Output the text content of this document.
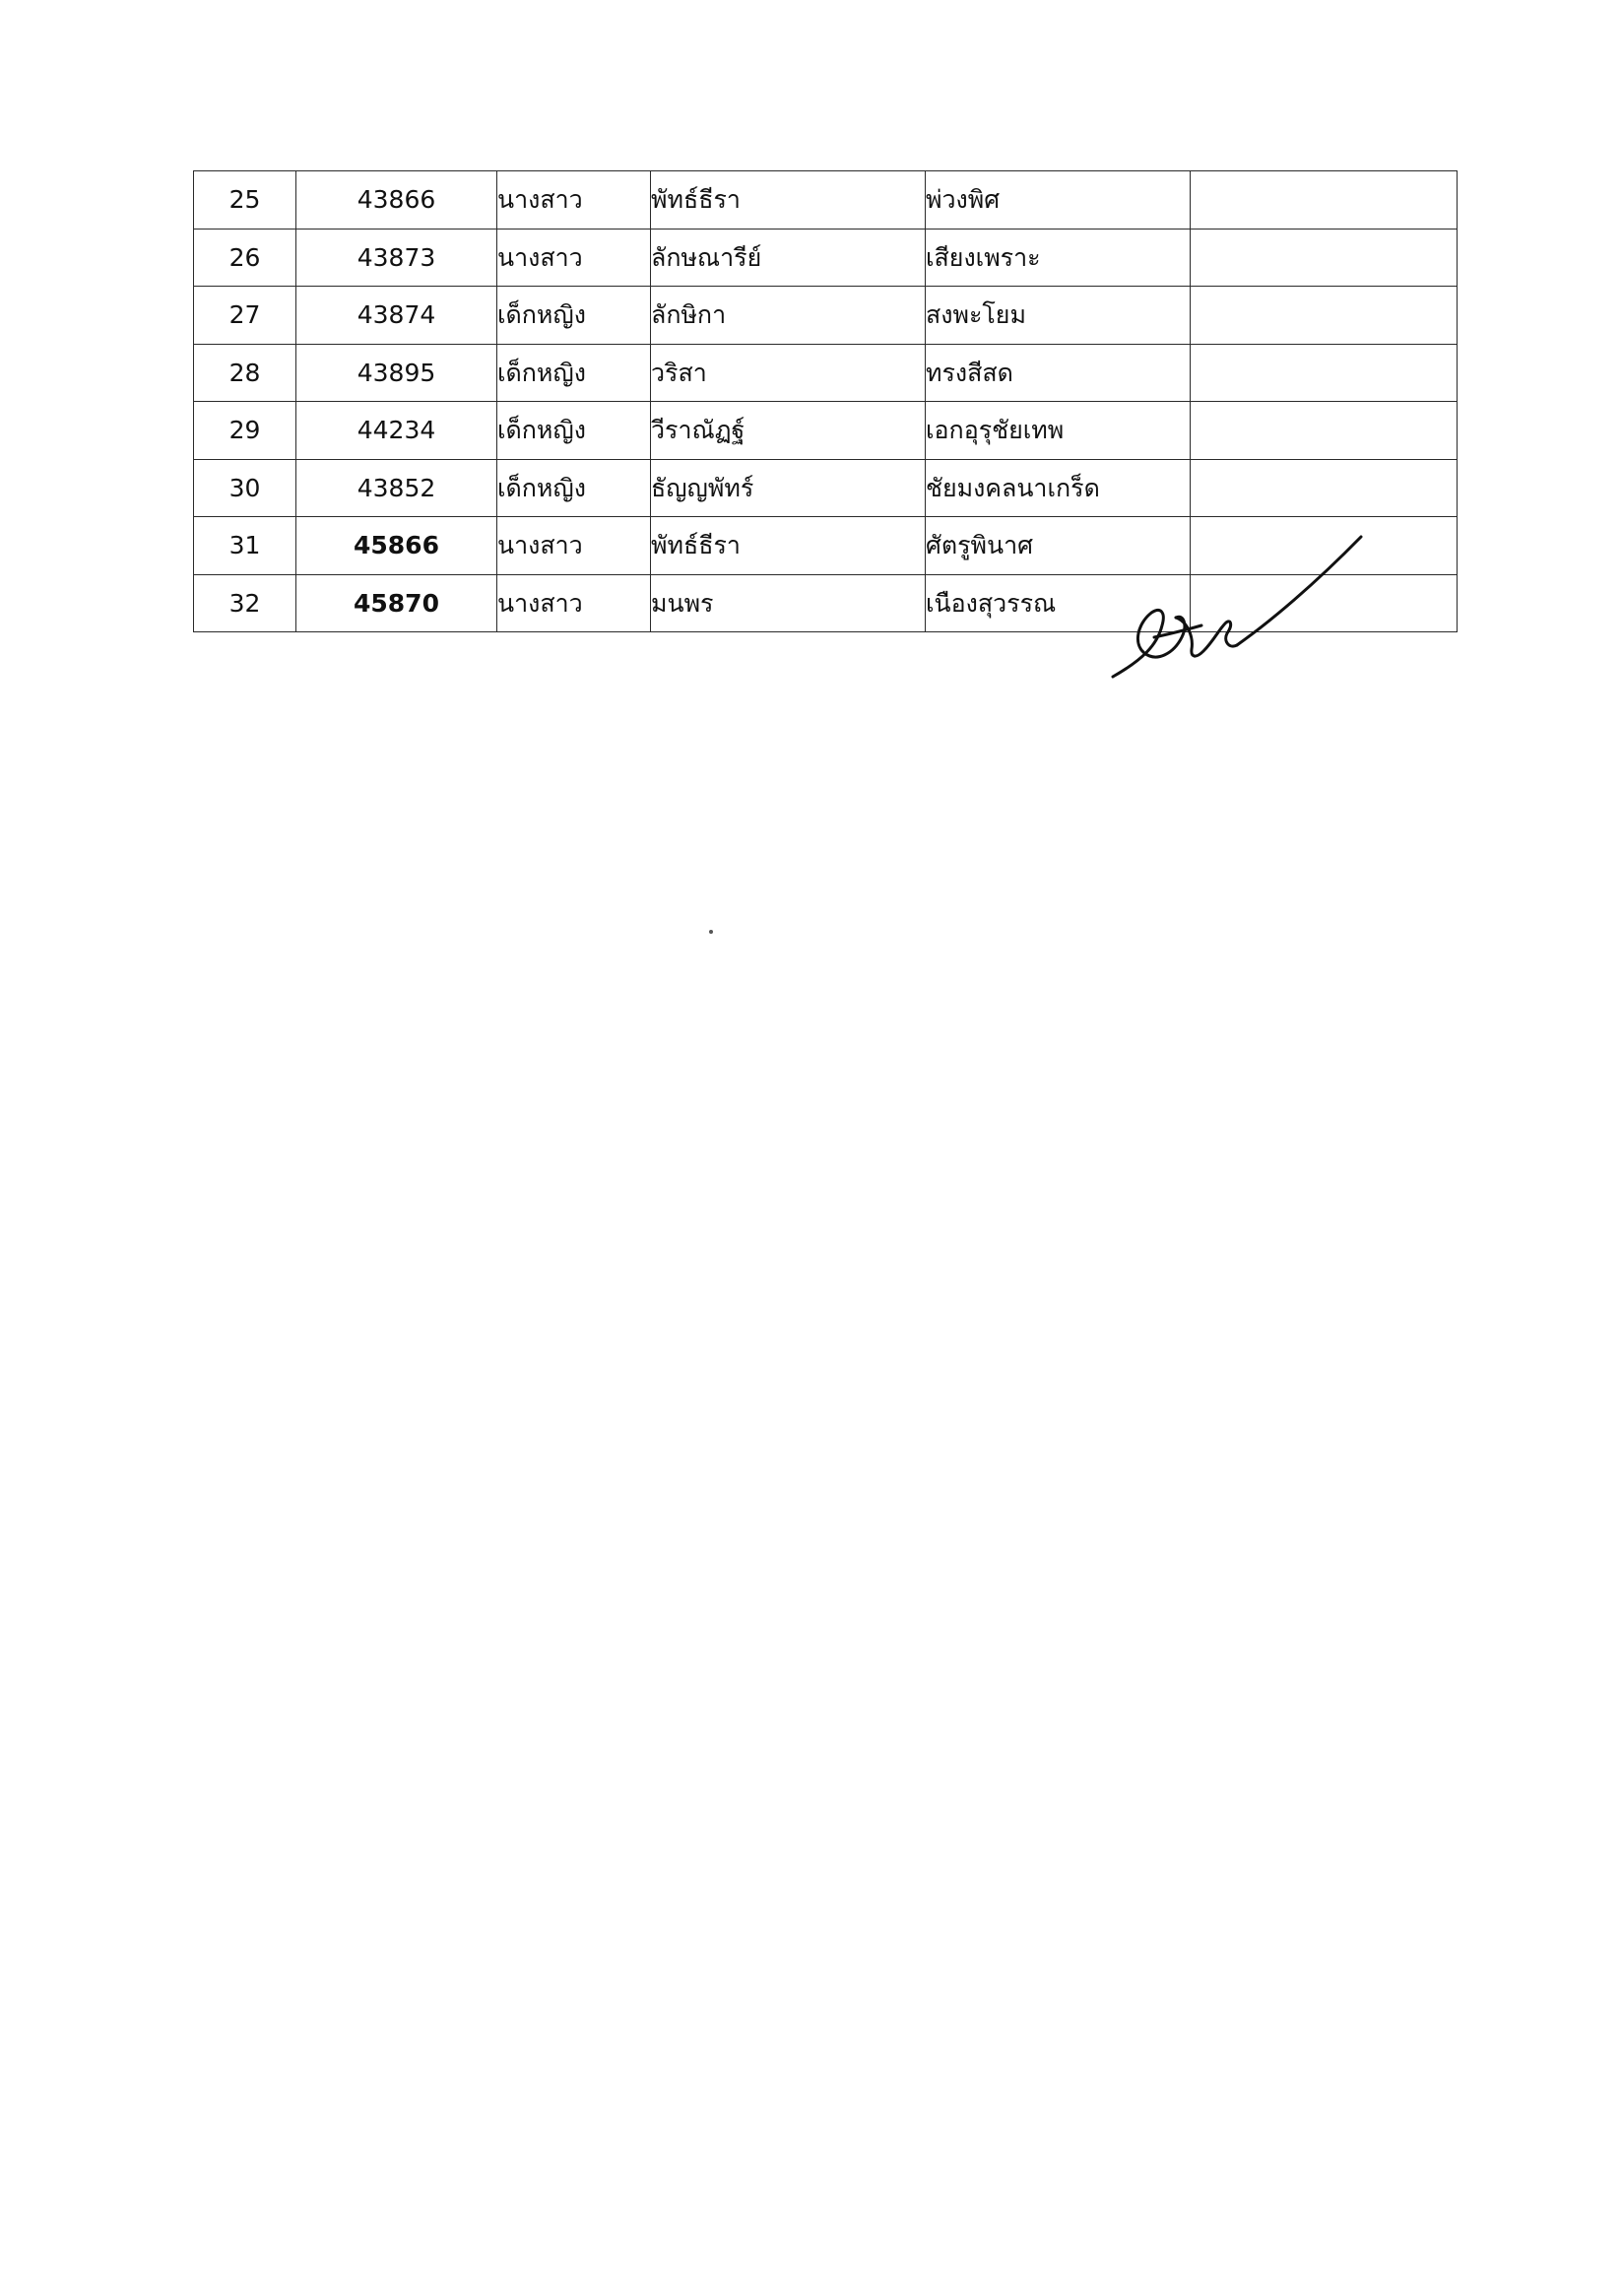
25	43866	นางสาว	พัทธ์ธีรา	พ่วงพิศ	
26	43873	นางสาว	ลักษณารีย์	เสียงเพราะ	
27	43874	เด็กหญิง	ลักษิกา	สงพะโยม	
28	43895	เด็กหญิง	วริสา	ทรงสีสด	
29	44234	เด็กหญิง	วีราณัฏฐ์	เอกอุรุชัยเทพ	
30	43852	เด็กหญิง	ธัญญพัทร์	ชัยมงคลนาเกร็ด	
31	45866	นางสาว	พัทธ์ธีรา	ศัตรูพินาศ	
32	45870	นางสาว	มนพร	เนืองสุวรรณ	
